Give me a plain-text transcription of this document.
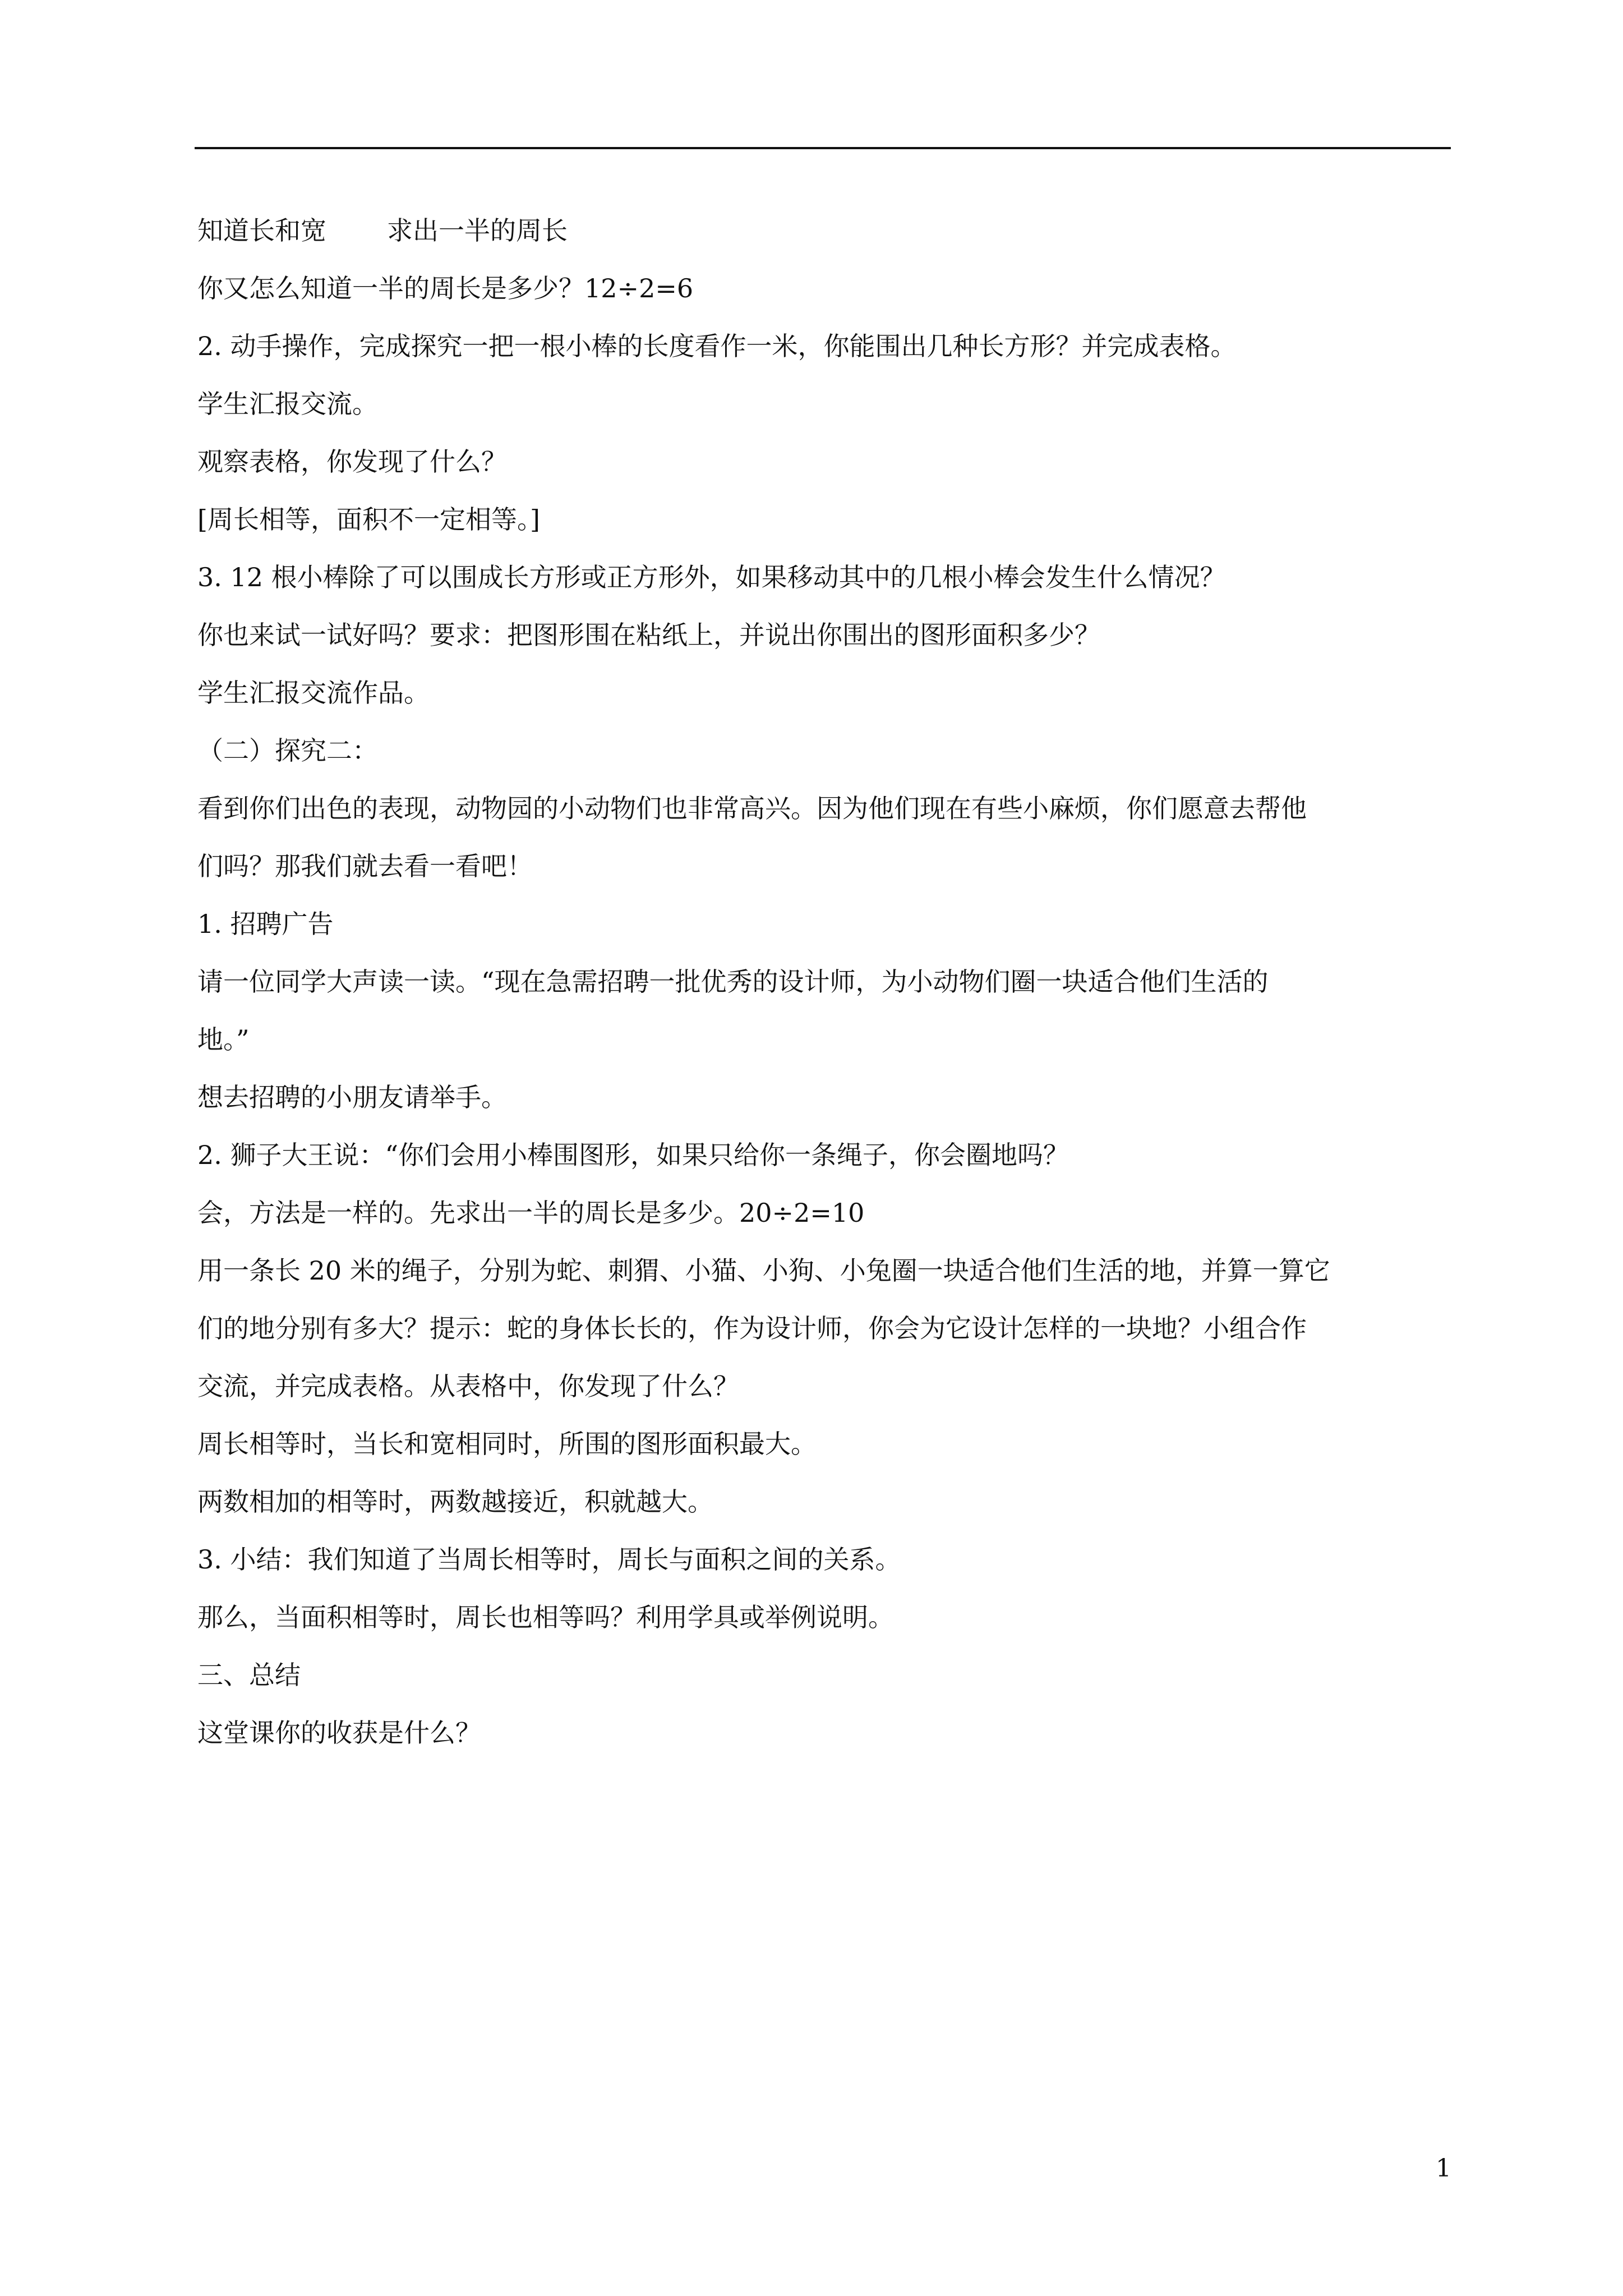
知道长和宽 求出一半的周长

你又怎么知道一半的周长是多少？12÷2=6

2. 动手操作，完成探究一把一根小棒的长度看作一米，你能围出几种长方形？并完成表格。

学生汇报交流。

观察表格，你发现了什么？

[周长相等，面积不一定相等。]

3. 12 根小棒除了可以围成长方形或正方形外，如果移动其中的几根小棒会发生什么情况？

你也来试一试好吗？要求：把图形围在粘纸上，并说出你围出的图形面积多少？

学生汇报交流作品。

（二）探究二：

看到你们出色的表现，动物园的小动物们也非常高兴。因为他们现在有些小麻烦，你们愿意去帮他

们吗？那我们就去看一看吧！

1. 招聘广告

请一位同学大声读一读。“现在急需招聘一批优秀的设计师，为小动物们圈一块适合他们生活的

地。”

想去招聘的小朋友请举手。

2. 狮子大王说：“你们会用小棒围图形，如果只给你一条绳子，你会圈地吗？

会，方法是一样的。先求出一半的周长是多少。20÷2=10

用一条长 20 米的绳子，分别为蛇、刺猬、小猫、小狗、小兔圈一块适合他们生活的地，并算一算它

们的地分别有多大？提示：蛇的身体长长的，作为设计师，你会为它设计怎样的一块地？小组合作

交流，并完成表格。从表格中，你发现了什么？

周长相等时，当长和宽相同时，所围的图形面积最大。

两数相加的相等时，两数越接近，积就越大。

3. 小结：我们知道了当周长相等时，周长与面积之间的关系。

那么，当面积相等时，周长也相等吗？利用学具或举例说明。

三、总结

这堂课你的收获是什么？

1
